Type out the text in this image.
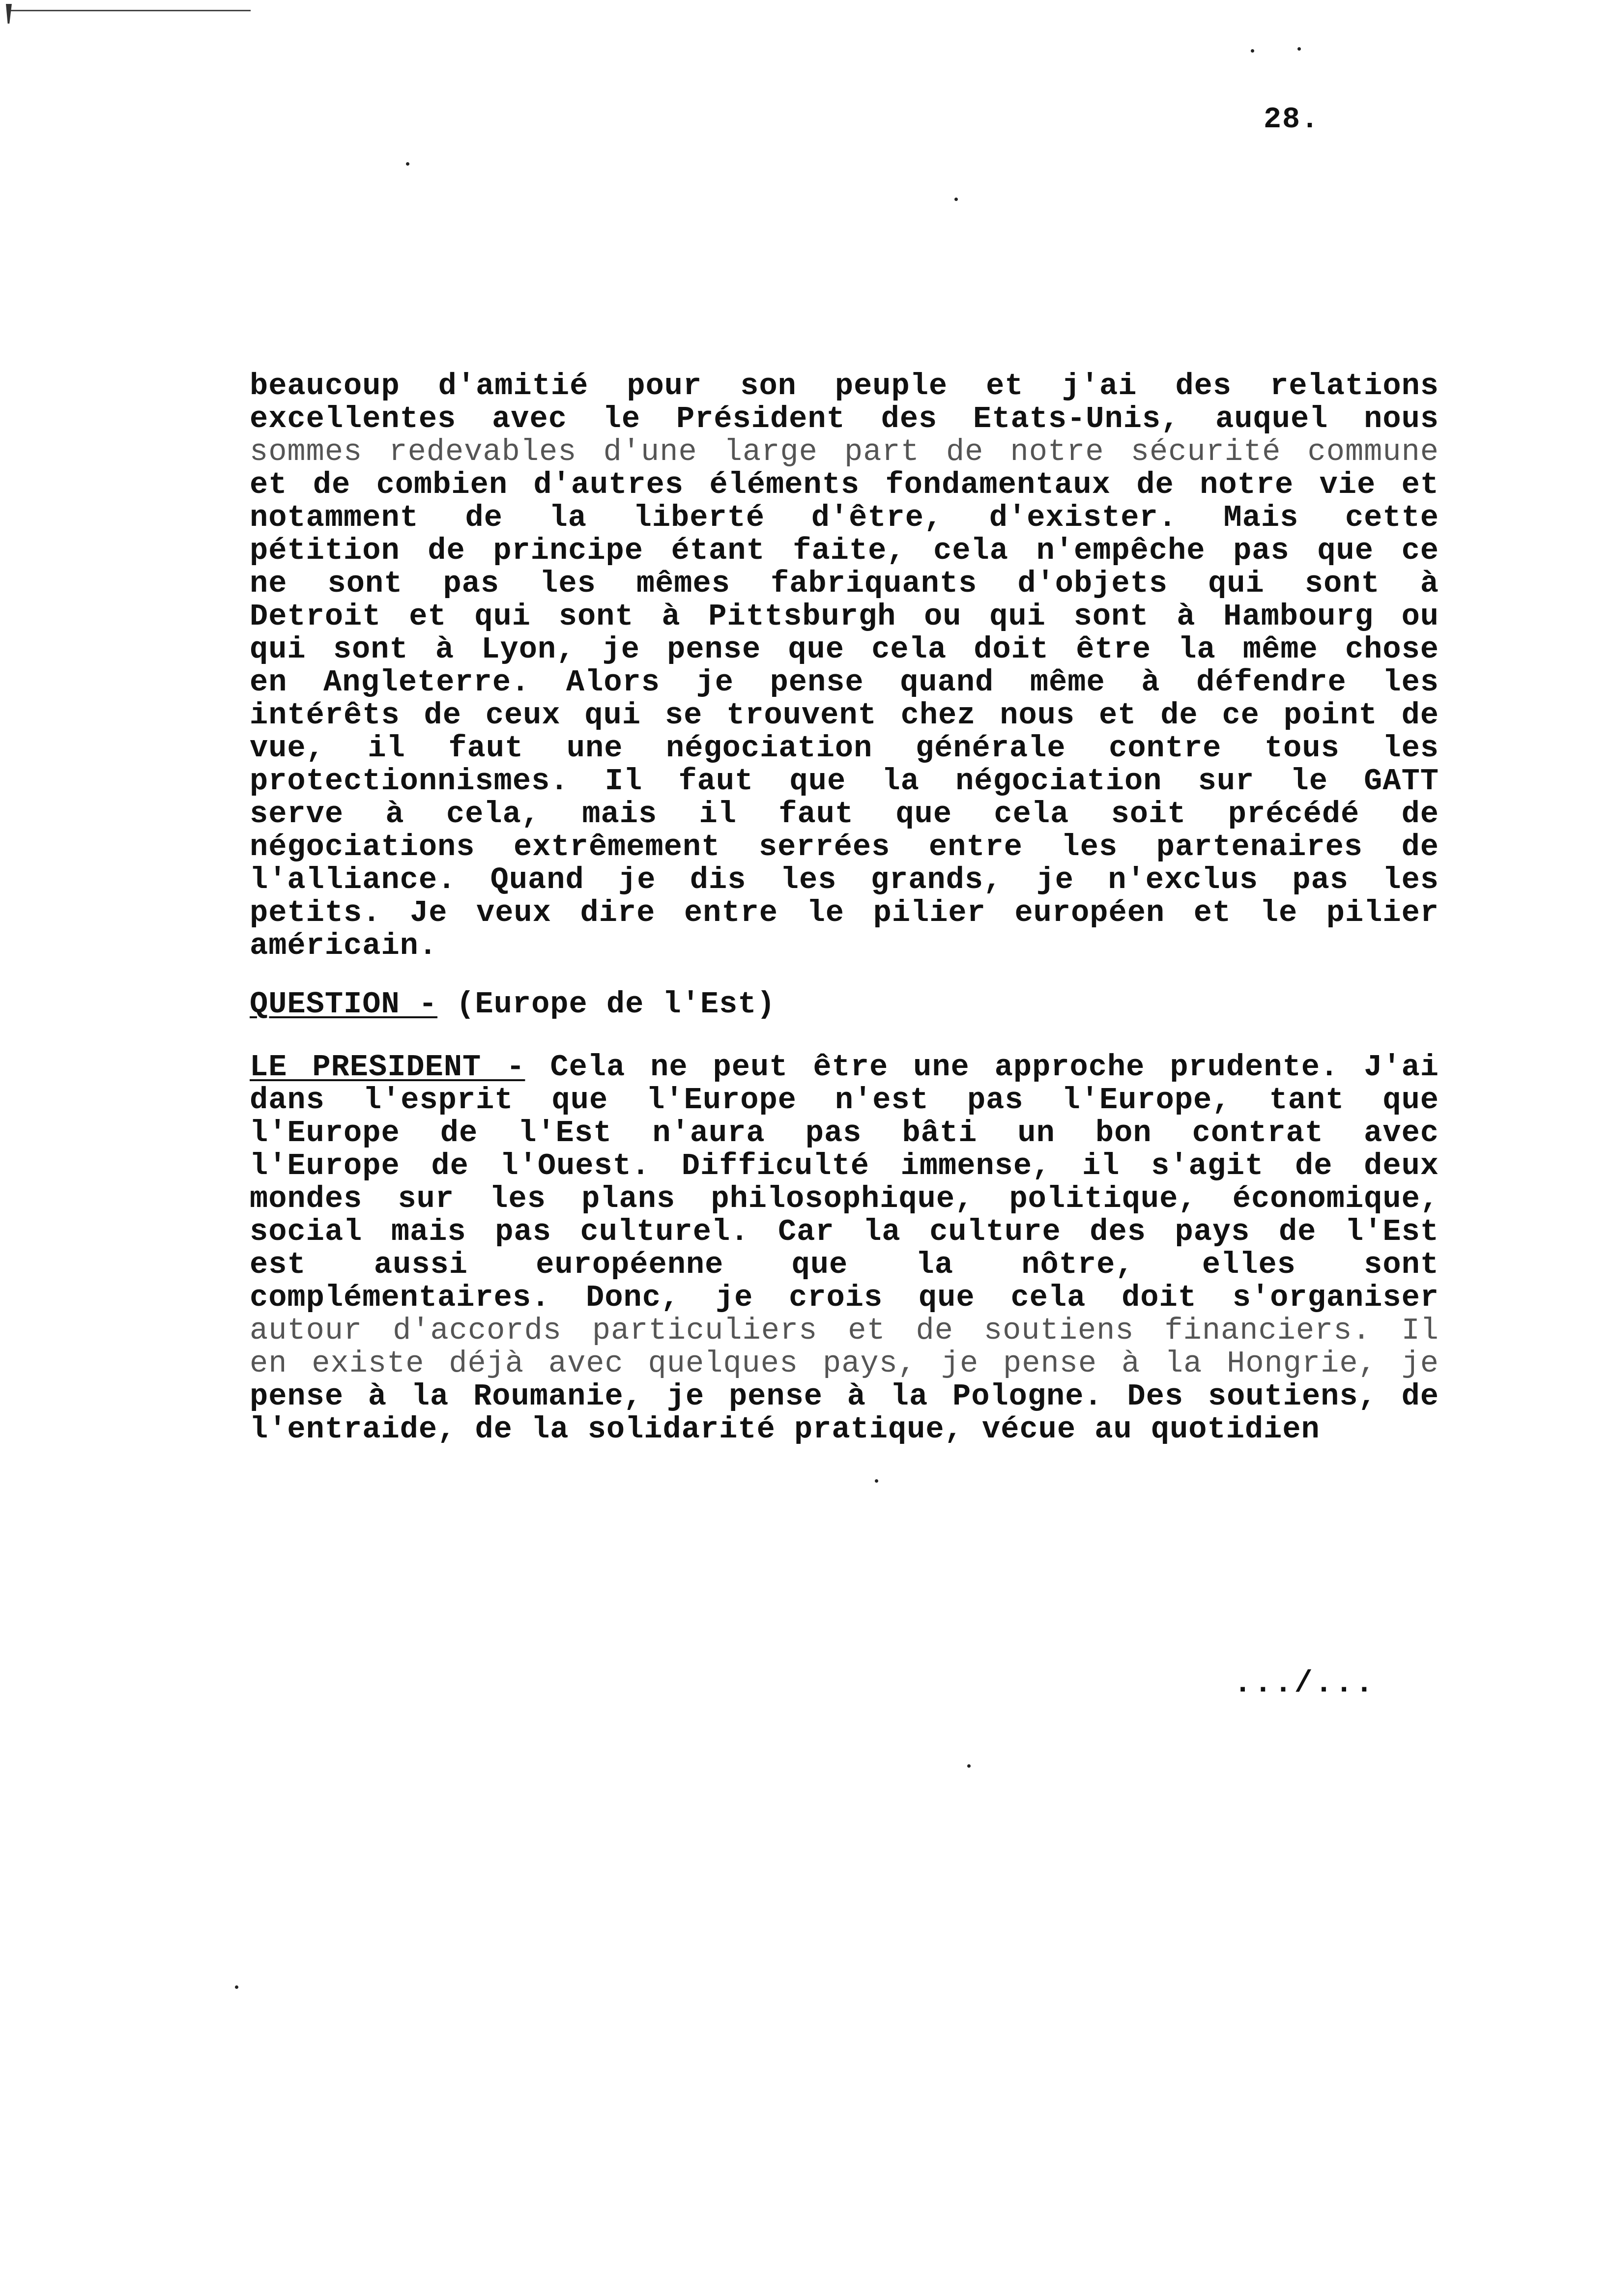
28.
beaucoup d'amitié pour son peuple et j'ai des relations
excellentes avec le Président des Etats-Unis, auquel nous
sommes redevables d'une large part de notre sécurité commune
et de combien d'autres éléments fondamentaux de notre vie et
notamment de la liberté d'être, d'exister. Mais cette
pétition de principe étant faite, cela n'empêche pas que ce
ne sont pas les mêmes fabriquants d'objets qui sont à
Detroit et qui sont à Pittsburgh ou qui sont à Hambourg ou
qui sont à Lyon, je pense que cela doit être la même chose
en Angleterre. Alors je pense quand même à défendre les
intérêts de ceux qui se trouvent chez nous et de ce point de
vue, il faut une négociation générale contre tous les
protectionnismes. Il faut que la négociation sur le GATT
serve à cela, mais il faut que cela soit précédé de
négociations extrêmement serrées entre les partenaires de
l'alliance. Quand je dis les grands, je n'exclus pas les
petits. Je veux dire entre le pilier européen et le pilier
américain.
QUESTION - (Europe de l'Est)
LE PRESIDENT - Cela ne peut être une approche prudente. J'ai
dans l'esprit que l'Europe n'est pas l'Europe, tant que
l'Europe de l'Est n'aura pas bâti un bon contrat avec
l'Europe de l'Ouest. Difficulté immense, il s'agit de deux
mondes sur les plans philosophique, politique, économique,
social mais pas culturel. Car la culture des pays de l'Est
est aussi européenne que la nôtre, elles sont
complémentaires. Donc, je crois que cela doit s'organiser
autour d'accords particuliers et de soutiens financiers. Il
en existe déjà avec quelques pays, je pense à la Hongrie, je
pense à la Roumanie, je pense à la Pologne. Des soutiens, de
l'entraide, de la solidarité pratique, vécue au quotidien
.../...
